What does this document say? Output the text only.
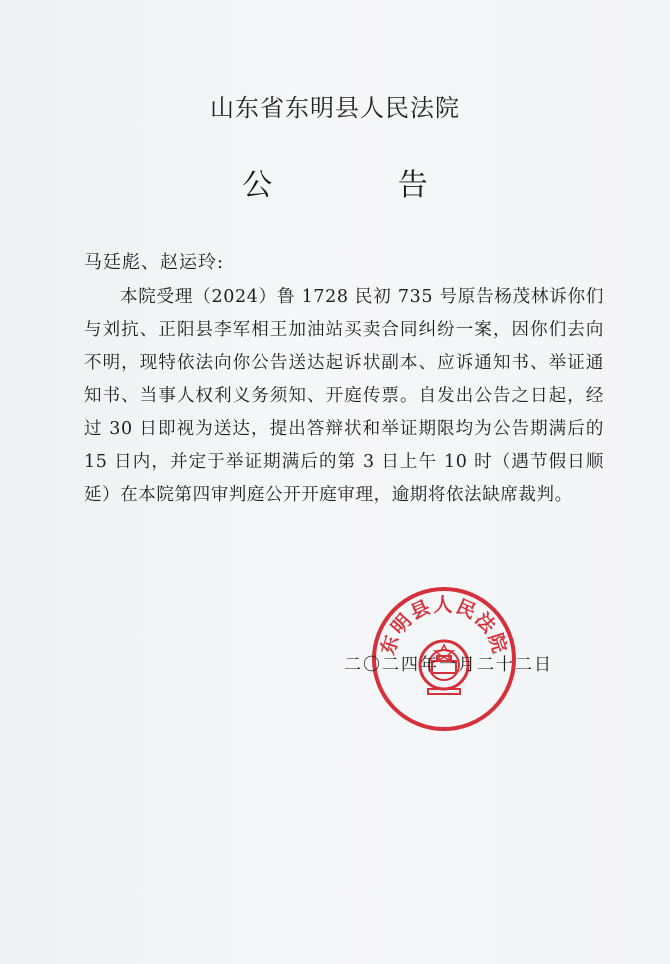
山东省东明县人民法院
公 告
马廷彪、赵运玲:

本院受理（2024）鲁 1728 民初 735 号原告杨茂林诉你们与刘抗、正阳县李军相王加油站买卖合同纠纷一案，因你们去向不明，现特依法向你公告送达起诉状副本、应诉通知书、举证通知书、当事人权利义务须知、开庭传票。自发出公告之日起，经过 30 日即视为送达，提出答辩状和举证期限均为公告期满后的 15 日内，并定于举证期满后的第 3 日上午 10 时（遇节假日顺延）在本院第四审判庭公开开庭审理，逾期将依法缺席裁判。

东明县人民法院
二〇二四年一月二十二日
